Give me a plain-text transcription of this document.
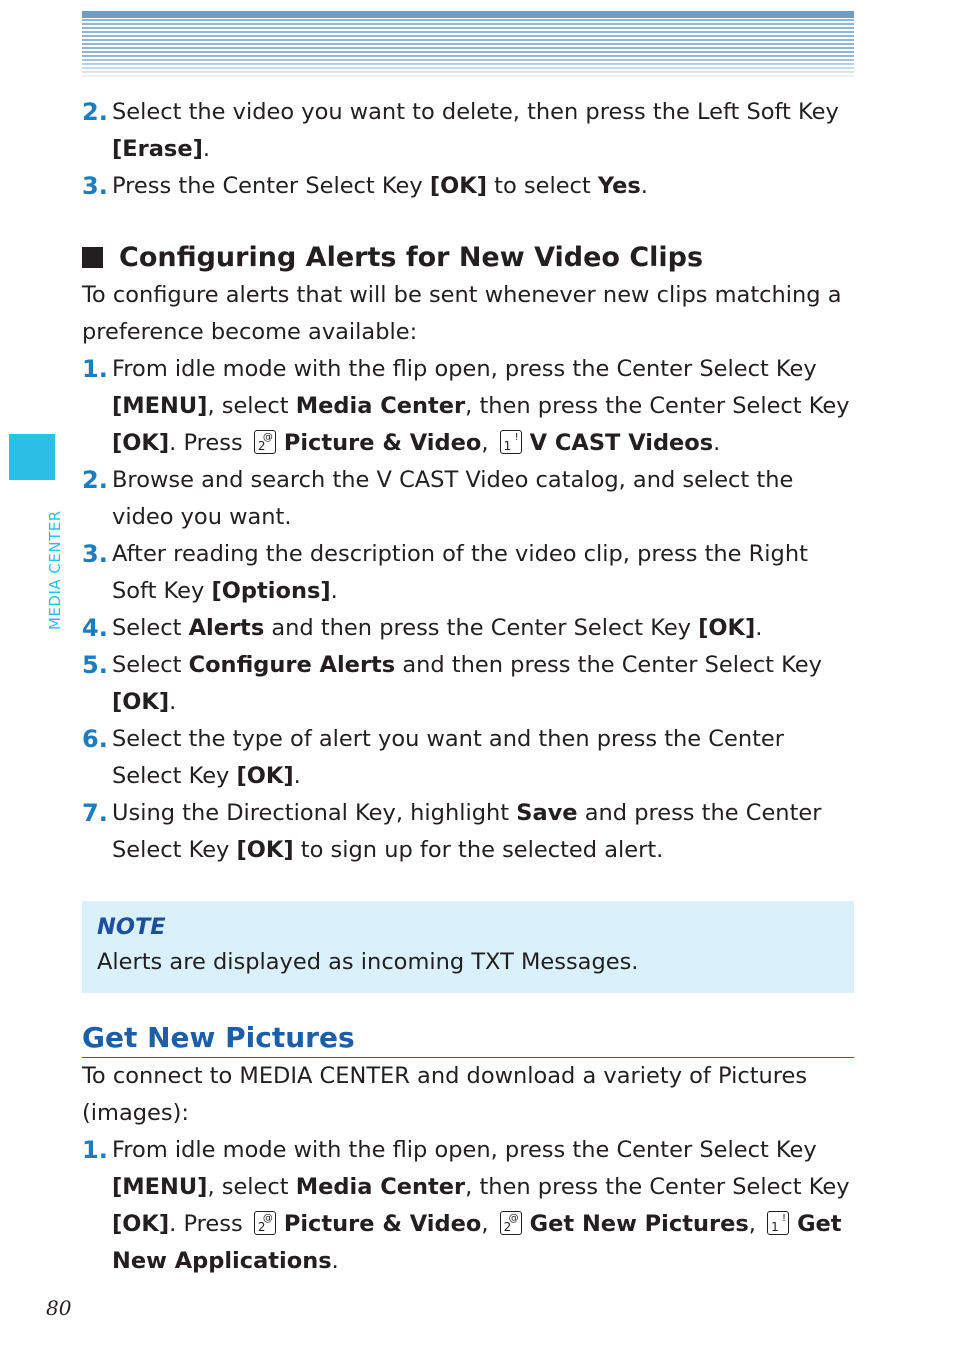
MEDIA CENTER
2. Select the video you want to delete, then press the Left Soft Key [Erase].
3. Press the Center Select Key [OK] to select Yes.
Configuring Alerts for New Video Clips

To configure alerts that will be sent whenever new clips matching a preference become available:

1. From idle mode with the flip open, press the Center Select Key [MENU], select Media Center, then press the Center Select Key [OK]. Press 2
@ Picture & Video, 1
! V CAST Videos.
2. Browse and search the V CAST Video catalog, and select the video you want.
3. After reading the description of the video clip, press the Right Soft Key [Options].
4. Select Alerts and then press the Center Select Key [OK].
5. Select Configure Alerts and then press the Center Select Key [OK].
6. Select the type of alert you want and then press the Center Select Key [OK].
7. Using the Directional Key, highlight Save and press the Center Select Key [OK] to sign up for the selected alert.
NOTE
Alerts are displayed as incoming TXT Messages.
Get New Pictures

To connect to MEDIA CENTER and download a variety of Pictures (images):

1. From idle mode with the flip open, press the Center Select Key [MENU], select Media Center, then press the Center Select Key [OK]. Press 2
@ Picture & Video, 2
@ Get New Pictures, 1
! Get New Applications.
80
